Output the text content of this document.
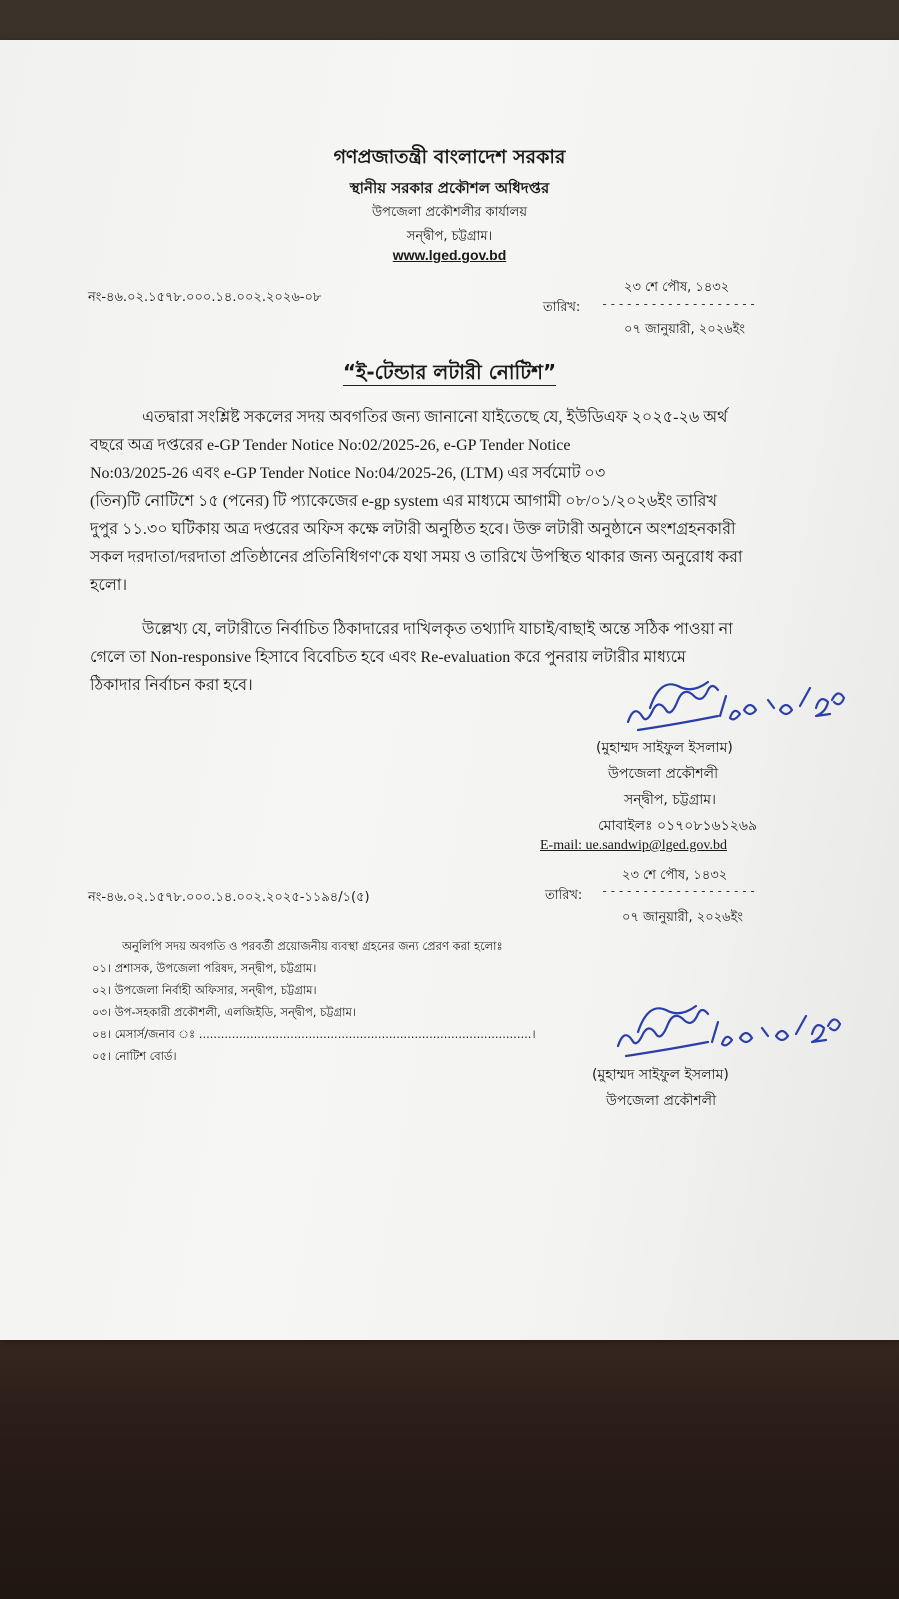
গণপ্রজাতন্ত্রী বাংলাদেশ সরকার
স্থানীয় সরকার প্রকৌশল অধিদপ্তর
উপজেলা প্রকৌশলীর কার্যালয়
সন্দ্বীপ, চট্টগ্রাম।
www.lged.gov.bd
নং-৪৬.০২.১৫৭৮.০০০.১৪.০০২.২০২৬-০৮
২৩ শে পৌষ, ১৪৩২
তারিখ: -------------------
০৭ জানুয়ারী, ২০২৬ইং
“ই-টেন্ডার লটারী নোটিশ”
এতদ্বারা সংশ্লিষ্ট সকলের সদয় অবগতির জন্য জানানো যাইতেছে যে, ইউডিএফ ২০২৫-২৬ অর্থ
বছরে অত্র দপ্তরের e-GP Tender Notice No:02/2025-26, e-GP Tender Notice
No:03/2025-26 এবং e-GP Tender Notice No:04/2025-26, (LTM) এর সর্বমোট ০৩
(তিন)টি নোটিশে ১৫ (পনের) টি প্যাকেজের e-gp system এর মাধ্যমে আগামী ০৮/০১/২০২৬ইং তারিখ
দুপুর ১১.৩০ ঘটিকায় অত্র দপ্তরের অফিস কক্ষে লটারী অনুষ্ঠিত হবে। উক্ত লটারী অনুষ্ঠানে অংশগ্রহনকারী
সকল দরদাতা/দরদাতা প্রতিষ্ঠানের প্রতিনিধিগণ'কে যথা সময় ও তারিখে উপস্থিত থাকার জন্য অনুরোধ করা
হলো।
উল্লেখ্য যে, লটারীতে নির্বাচিত ঠিকাদারের দাখিলকৃত তথ্যাদি যাচাই/বাছাই অন্তে সঠিক পাওয়া না
গেলে তা Non-responsive হিসাবে বিবেচিত হবে এবং Re-evaluation করে পুনরায় লটারীর মাধ্যমে
ঠিকাদার নির্বাচন করা হবে।
(মুহাম্মদ সাইফুল ইসলাম)
উপজেলা প্রকৌশলী
সন্দ্বীপ, চট্টগ্রাম।
মোবাইলঃ ০১৭০৮১৬১২৬৯
E-mail: ue.sandwip@lged.gov.bd
নং-৪৬.০২.১৫৭৮.০০০.১৪.০০২.২০২৫-১১৯৪/১(৫)
২৩ শে পৌষ, ১৪৩২
তারিখ: -------------------
০৭ জানুয়ারী, ২০২৬ইং
অনুলিপি সদয় অবগতি ও পরবর্তী প্রয়োজনীয় ব্যবস্থা গ্রহনের জন্য প্রেরণ করা হলোঃ
০১। প্রশাসক, উপজেলা পরিষদ, সন্দ্বীপ, চট্টগ্রাম।
০২। উপজেলা নির্বাহী অফিসার, সন্দ্বীপ, চট্টগ্রাম।
০৩। উপ-সহকারী প্রকৌশলী, এলজিইডি, সন্দ্বীপ, চট্টগ্রাম।
০৪। মেসার্স/জনাব ঃ ...........................................................................................।
০৫। নোটিশ বোর্ড।
(মুহাম্মদ সাইফুল ইসলাম)
উপজেলা প্রকৌশলী
